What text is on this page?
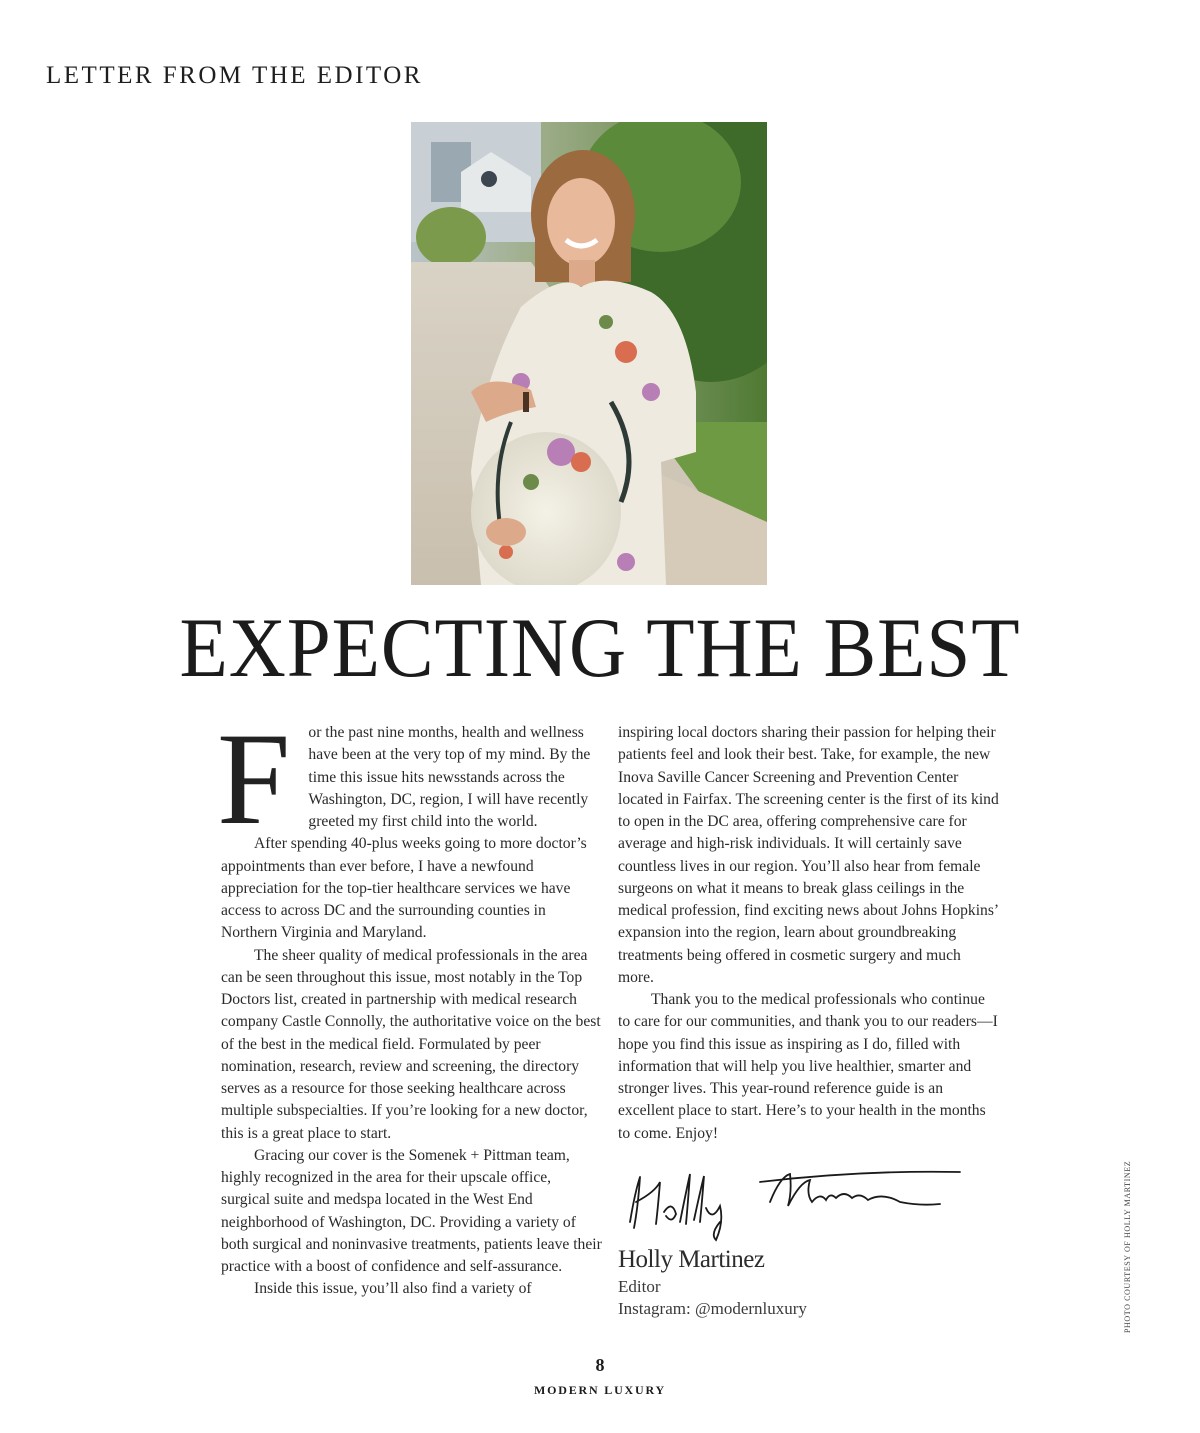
LETTER FROM THE EDITOR
EXPECTING THE BEST

F or the past nine months, health and wellness have been at the very top of my mind. By the time this issue hits newsstands across the Washington, DC, region, I will have recently greeted my first child into the world.

After spending 40-plus weeks going to more doctor’s appointments than ever before, I have a newfound appreciation for the top-tier healthcare services we have access to across DC and the surrounding counties in Northern Virginia and Maryland.

The sheer quality of medical professionals in the area can be seen throughout this issue, most notably in the Top Doctors list, created in partnership with medical research company Castle Connolly, the authoritative voice on the best of the best in the medical field. Formulated by peer nomination, research, review and screening, the directory serves as a resource for those seeking healthcare across multiple subspecialties. If you’re looking for a new doctor, this is a great place to start.

Gracing our cover is the Somenek + Pittman team, highly recognized in the area for their upscale office, surgical suite and medspa located in the West End neighborhood of Washington, DC. Providing a variety of both surgical and noninvasive treatments, patients leave their practice with a boost of confidence and self-assurance.

Inside this issue, you’ll also find a variety of

inspiring local doctors sharing their passion for helping their patients feel and look their best. Take, for example, the new Inova Saville Cancer Screening and Prevention Center located in Fairfax. The screening center is the first of its kind to open in the DC area, offering comprehensive care for average and high-risk individuals. It will certainly save countless lives in our region. You’ll also hear from female surgeons on what it means to break glass ceilings in the medical profession, find exciting news about Johns Hopkins’ expansion into the region, learn about groundbreaking treatments being offered in cosmetic surgery and much more.

Thank you to the medical professionals who continue to care for our communities, and thank you to our readers—I hope you find this issue as inspiring as I do, filled with information that will help you live healthier, smarter and stronger lives. This year-round reference guide is an excellent place to start. Here’s to your health in the months to come. Enjoy!

Holly Martinez
Editor
Instagram: @modernluxury	PHOTO COURTESY OF HOLLY MARTINEZ
8
MODERN LUXURY
